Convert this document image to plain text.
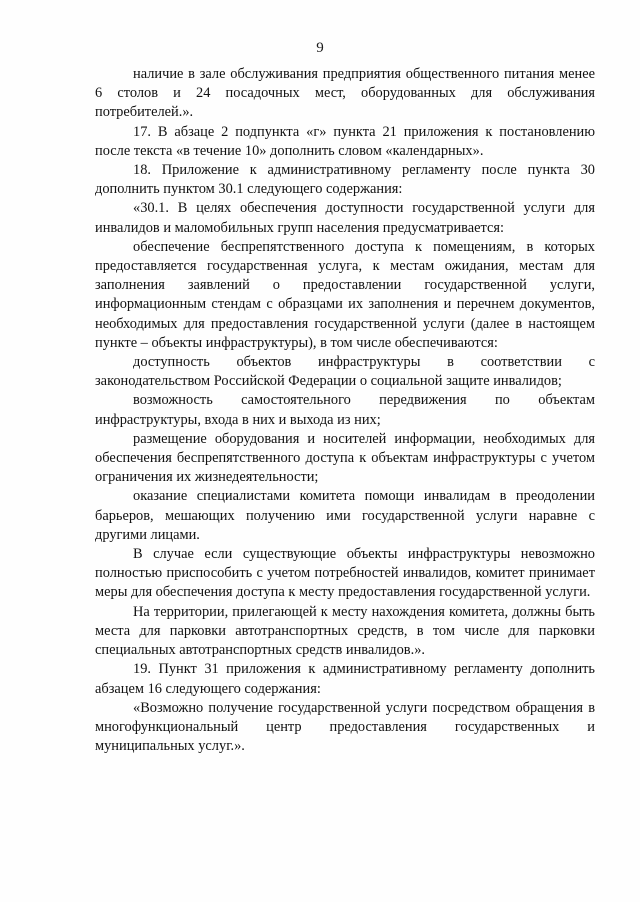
9

наличие в зале обслуживания предприятия общественного питания менее 6 столов и 24 посадочных мест, оборудованных для обслуживания потребителей.».

17. В абзаце 2 подпункта «г» пункта 21 приложения к постановлению после текста «в течение 10» дополнить словом «календарных».

18. Приложение к административному регламенту после пункта 30 дополнить пунктом 30.1 следующего содержания:

«30.1. В целях обеспечения доступности государственной услуги для инвалидов и маломобильных групп населения предусматривается:

обеспечение беспрепятственного доступа к помещениям, в которых предоставляется государственная услуга, к местам ожидания, местам для заполнения заявлений о предоставлении государственной услуги, информационным стендам с образцами их заполнения и перечнем документов, необходимых для предоставления государственной услуги (далее в настоящем пункте – объекты инфраструктуры), в том числе обеспечиваются:

доступность объектов инфраструктуры в соответствии с законодательством Российской Федерации о социальной защите инвалидов;

возможность самостоятельного передвижения по объектам инфраструктуры, входа в них и выхода из них;

размещение оборудования и носителей информации, необходимых для обеспечения беспрепятственного доступа к объектам инфраструктуры с учетом ограничения их жизнедеятельности;

оказание специалистами комитета помощи инвалидам в преодолении барьеров, мешающих получению ими государственной услуги наравне с другими лицами.

В случае если существующие объекты инфраструктуры невозможно полностью приспособить с учетом потребностей инвалидов, комитет принимает меры для обеспечения доступа к месту предоставления государственной услуги.

На территории, прилегающей к месту нахождения комитета, должны быть места для парковки автотранспортных средств, в том числе для парковки специальных автотранспортных средств инвалидов.».

19. Пункт 31 приложения к административному регламенту дополнить абзацем 16 следующего содержания:

«Возможно получение государственной услуги посредством обращения в многофункциональный центр предоставления государственных и муниципальных услуг.».
